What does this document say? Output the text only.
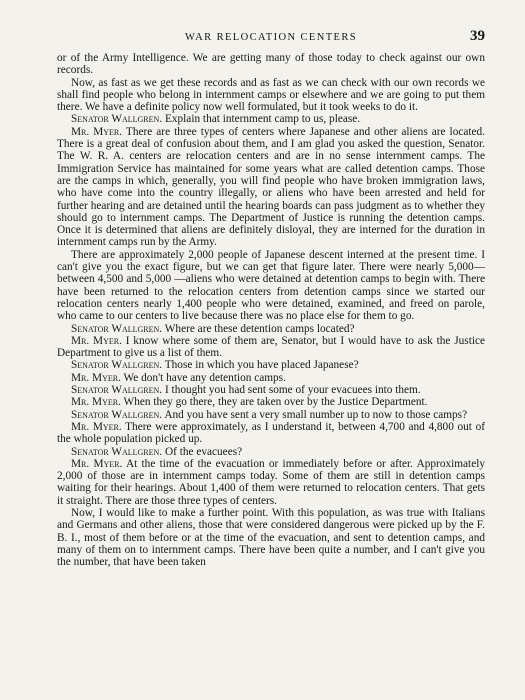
WAR RELOCATION CENTERS	39

or of the Army Intelligence. We are getting many of those today to check against our own records.

Now, as fast as we get these records and as fast as we can check with our own records we shall find people who belong in internment camps or elsewhere and we are going to put them there. We have a definite policy now well formulated, but it took weeks to do it.

Senator Wallgren. Explain that internment camp to us, please.

Mr. Myer. There are three types of centers where Japanese and other aliens are located. There is a great deal of confusion about them, and I am glad you asked the question, Senator. The W. R. A. centers are relocation centers and are in no sense internment camps. The Immigration Service has maintained for some years what are called detention camps. Those are the camps in which, generally, you will find people who have broken immigration laws, who have come into the country illegally, or aliens who have been arrested and held for further hearing and are detained until the hearing boards can pass judgment as to whether they should go to internment camps. The Department of Justice is running the detention camps. Once it is determined that aliens are definitely disloyal, they are interned for the duration in internment camps run by the Army.

There are approximately 2,000 people of Japanese descent interned at the present time. I can't give you the exact figure, but we can get that figure later. There were nearly 5,000—between 4,500 and 5,000 —aliens who were detained at detention camps to begin with. There have been returned to the relocation centers from detention camps since we started our relocation centers nearly 1,400 people who were detained, examined, and freed on parole, who came to our centers to live because there was no place else for them to go.

Senator Wallgren. Where are these detention camps located?

Mr. Myer. I know where some of them are, Senator, but I would have to ask the Justice Department to give us a list of them.

Senator Wallgren. Those in which you have placed Japanese?

Mr. Myer. We don't have any detention camps.

Senator Wallgren. I thought you had sent some of your evacuees into them.

Mr. Myer. When they go there, they are taken over by the Justice Department.

Senator Wallgren. And you have sent a very small number up to now to those camps?

Mr. Myer. There were approximately, as I understand it, between 4,700 and 4,800 out of the whole population picked up.

Senator Wallgren. Of the evacuees?

Mr. Myer. At the time of the evacuation or immediately before or after. Approximately 2,000 of those are in internment camps today. Some of them are still in detention camps waiting for their hearings. About 1,400 of them were returned to relocation centers. That gets it straight. There are those three types of centers.

Now, I would like to make a further point. With this population, as was true with Italians and Germans and other aliens, those that were considered dangerous were picked up by the F. B. I., most of them before or at the time of the evacuation, and sent to detention camps, and many of them on to internment camps. There have been quite a number, and I can't give you the number, that have been taken
